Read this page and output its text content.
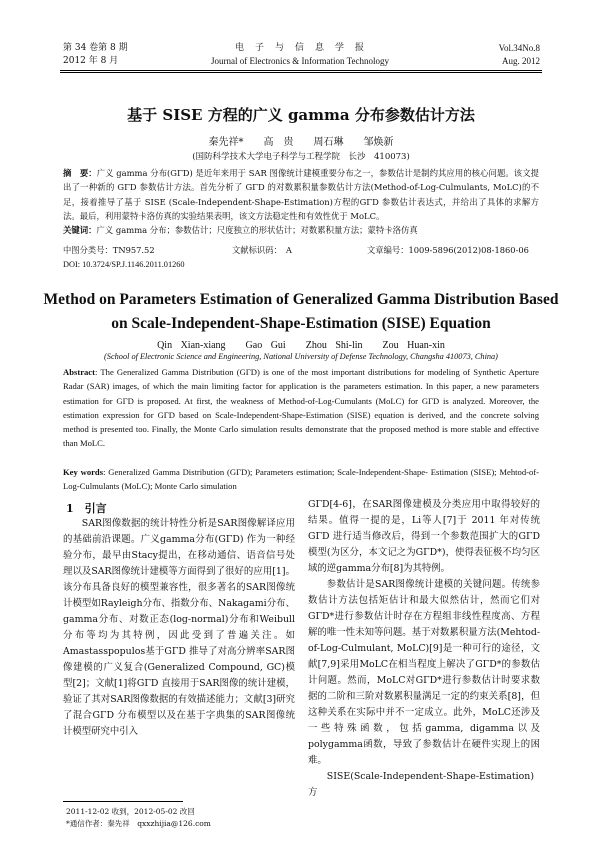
第 34 卷第 8 期
2012 年 8 月
电　子　与　信　息　学　报
Journal of Electronics & Information Technology
Vol.34No.8
Aug. 2012
基于 SISE 方程的广义 gamma 分布参数估计方法
秦先祥*　　高　贵　　周石琳　　邹焕新
(国防科学技术大学电子科学与工程学院　长沙　410073)
摘　要：广义 gamma 分布(GΓD) 是近年来用于 SAR 图像统计建模重要分布之一，参数估计是制约其应用的核心问题。该文提出了一种新的 GΓD 参数估计方法。首先分析了 GΓD 的对数累积量参数估计方法(Method-of-Log-Culmulants, MoLC)的不足，接着推导了基于 SISE (Scale-Independent-Shape-Estimation)方程的GΓD 参数估计表达式，并给出了具体的求解方法。最后，利用蒙特卡洛仿真的实验结果表明，该文方法稳定性和有效性优于 MoLC。
关键词：广义 gamma 分布；参数估计；尺度独立的形状估计；对数累积量方法；蒙特卡洛仿真
中图分类号：TN957.52	文献标识码：　A	文章编号：1009-5896(2012)08-1860-06
DOI: 10.3724/SP.J.1146.2011.01260
Method on Parameters Estimation of Generalized Gamma Distribution Based on Scale-Independent-Shape-Estimation (SISE) Equation
Qin Xian-xiang　　Gao Gui　　Zhou Shi-lin　　Zou Huan-xin
(School of Electronic Science and Engineering, National University of Defense Technology, Changsha 410073, China)
Abstract: The Generalized Gamma Distribution (GΓD) is one of the most important distributions for modeling of Synthetic Aperture Radar (SAR) images, of which the main limiting factor for application is the parameters estimation. In this paper, a new parameters estimation for GΓD is proposed. At first, the weakness of Method-of-Log-Cumulants (MoLC) for GΓD is analyzed. Moreover, the estimation expression for GΓD based on Scale-Independent-Shape-Estimation (SISE) equation is derived, and the concrete solving method is presented too. Finally, the Monte Carlo simulation results demonstrate that the proposed method is more stable and effective than MoLC.
Key words: Generalized Gamma Distribution (GΓD); Parameters estimation; Scale-Independent-Shape- Estimation (SISE); Mehtod-of-Log-Culmulants (MoLC); Monte Carlo simulation
1　引言

SAR图像数据的统计特性分析是SAR图像解译应用的基础前沿课题。广义gamma分布(GΓD) 作为一种经验分布，最早由Stacy提出，在移动通信、语音信号处理以及SAR图像统计建模等方面得到了很好的应用[1]。该分布具备良好的模型兼容性，很多著名的SAR图像统计模型如Rayleigh分布、指数分布、Nakagami分布、gamma分布、对数正态(log-normal)分布和Weibull分布等均为其特例，因此受到了普遍关注。如Amastasspopulos基于GΓD 推导了对高分辨率SAR图像建模的广义复合(Generalized Compound, GC)模型[2]；文献[1]将GΓD 直接用于SAR图像的统计建模，验证了其对SAR图像数据的有效描述能力；文献[3]研究了混合GΓD 分布模型以及在基于字典集的SAR图像统计模型研究中引入

GΓD[4-6]，在SAR图像建模及分类应用中取得较好的结果。值得一提的是，Li等人[7]于 2011 年对传统GΓD 进行适当修改后，得到一个参数范围扩大的GΓD 模型(为区分，本文记之为GΓD*)，使得表征极不均匀区域的逆gamma分布[8]为其特例。

参数估计是SAR图像统计建模的关键问题。传统参数估计方法包括矩估计和最大似然估计，然而它们对GΓD*进行参数估计时存在方程组非线性程度高、方程解的唯一性未知等问题。基于对数累积量方法(Mehtod-of-Log-Culmulant, MoLC)[9]是一种可行的途径，文献[7,9]采用MoLC在相当程度上解决了GΓD*的参数估计问题。然而，MoLC对GΓD*进行参数估计时要求数据的二阶和三阶对数累积量满足一定的约束关系[8]，但这种关系在实际中并不一定成立。此外，MoLC还涉及一些特殊函数，包括gamma, digamma以及polygamma函数，导致了参数估计在硬件实现上的困难。

SISE(Scale-Independent-Shape-Estimation)　方

2011-12-02 收到，2012-05-02 改回
*通信作者：秦先祥　qxxzhijia@126.com
